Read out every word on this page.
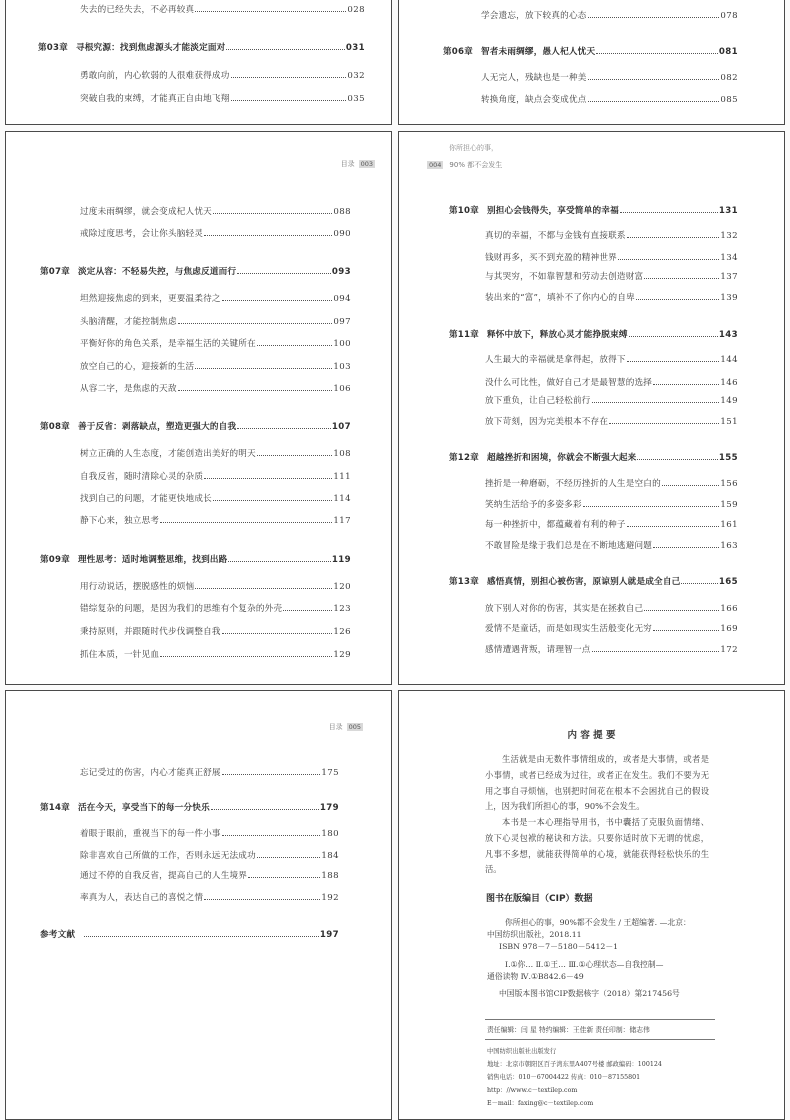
失去的已经失去，不必再较真	028
第03章 寻根究源：找到焦虑源头才能淡定面对	031
勇敢向前，内心软弱的人很难获得成功	032
突破自我的束缚，才能真正自由地飞翔	035
学会遗忘，放下较真的心态	078
第06章 智者未雨绸缪，愚人杞人忧天	081
人无完人，残缺也是一种美	082
转换角度，缺点会变成优点	085
目录 003
过度未雨绸缪，就会变成杞人忧天	088
戒除过度思考，会让你头脑轻灵	090
第07章 淡定从容：不轻易失控，与焦虑反道而行	093
坦然迎接焦虑的到来，更要温柔待之	094
头脑清醒，才能控制焦虑	097
平衡好你的角色关系，是幸福生活的关键所在	100
放空自己的心，迎接新的生活	103
从容二字，是焦虑的天敌	106
第08章 善于反省：剥落缺点，塑造更强大的自我	107
树立正确的人生态度，才能创造出美好的明天	108
自我反省，随时清除心灵的杂质	111
找到自己的问题，才能更快地成长	114
静下心来，独立思考	117
第09章 理性思考：适时地调整思维，找到出路	119
用行动说话，摆脱感性的烦恼	120
错综复杂的问题，是因为我们的思维有个复杂的外壳	123
秉持原则，并跟随时代步伐调整自我	126
抓住本质，一针见血	129
你所担心的事，
004 90% 都不会发生
第10章 别担心会钱得失，享受简单的幸福	131
真切的幸福，不都与金钱有直接联系	132
钱财再多，买不到充盈的精神世界	134
与其哭穷，不如靠智慧和劳动去创造财富	137
装出来的“富”，填补不了你内心的自卑	139
第11章 释怀中放下，释放心灵才能挣脱束缚	143
人生最大的幸福就是拿得起，放得下	144
没什么可比性，做好自己才是最智慧的选择	146
放下重负，让自己轻松前行	149
放下苛刻，因为完美根本不存在	151
第12章 超越挫折和困境，你就会不断强大起来	155
挫折是一种磨砺，不经历挫折的人生是空白的	156
笑纳生活给予的多姿多彩	159
每一种挫折中，都蕴藏着有利的种子	161
不敢冒险是缘于我们总是在不断地逃避问题	163
第13章 感悟真情，别担心被伤害，原谅别人就是成全自己	165
放下别人对你的伤害，其实是在拯救自己	166
爱情不是童话，而是如现实生活般变化无穷	169
感情遭遇背叛，请理智一点	172
目录 005
忘记受过的伤害，内心才能真正舒展	175
第14章 活在今天，享受当下的每一分快乐	179
着眼于眼前，重视当下的每一件小事	180
除非喜欢自己所做的工作，否则永远无法成功	184
通过不停的自我反省，提高自己的人生境界	188
率真为人，表达自己的喜悦之情	192
参考文献	197
内 容 提 要
生活就是由无数件事情组成的，或者是大事情，或者是小事情，或者已经成为过往，或者正在发生。我们不要为无用之事自寻烦恼，也别把时间花在根本不会困扰自己的假设上，因为我们所担心的事，90%不会发生。
本书是一本心理指导用书，书中囊括了克服负面情绪、放下心灵包袱的秘诀和方法。只要你适时放下无谓的忧虑，凡事不多想，就能获得简单的心境，就能获得轻松快乐的生活。
图书在版编目（CIP）数据
你所担心的事，90%都不会发生 / 王超编著. —北京：
中国纺织出版社，2018.11
ISBN 978－7－5180－5412－1
Ⅰ.①你… Ⅱ.①王… Ⅲ.①心理状态—自我控制—
通俗读物 Ⅳ.①B842.6－49
中国版本图书馆CIP数据核字（2018）第217456号
责任编辑：闫 星 特约编辑：王佳新 责任印制：储志伟
中国纺织出版社出版发行
地址：北京市朝阳区百子湾东里A407号楼 邮政编码：100124
销售电话：010－67004422 传真：010－87155801
http：//www.c－textilep.com
E－mail：faxing@c－textilep.com
